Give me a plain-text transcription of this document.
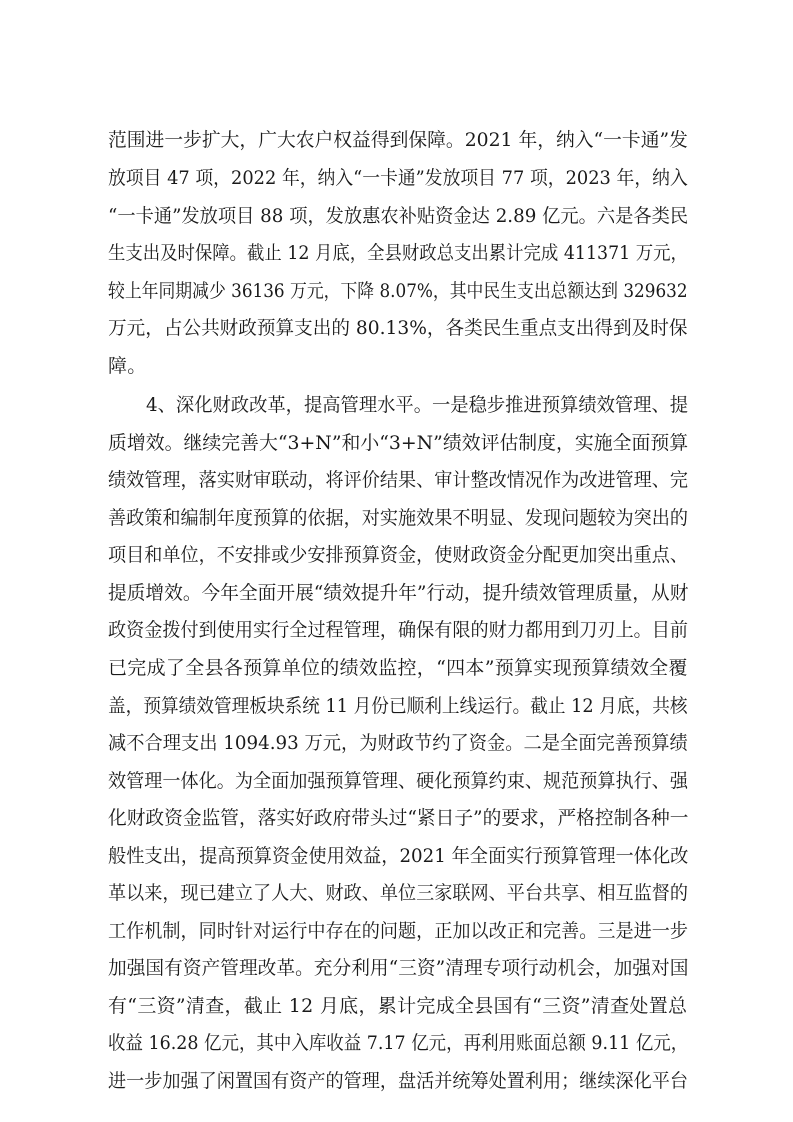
范围进一步扩大，广大农户权益得到保障。2021 年，纳入“一卡通”发
放项目 47 项，2022 年，纳入“一卡通”发放项目 77 项，2023 年，纳入
“一卡通”发放项目 88 项，发放惠农补贴资金达 2.89 亿元。六是各类民
生支出及时保障。截止 12 月底，全县财政总支出累计完成 411371 万元，
较上年同期减少 36136 万元，下降 8.07%，其中民生支出总额达到 329632
万元，占公共财政预算支出的 80.13%，各类民生重点支出得到及时保
障。
4、深化财政改革，提高管理水平。一是稳步推进预算绩效管理、提
质增效。继续完善大“3+N”和小“3+N”绩效评估制度，实施全面预算
绩效管理，落实财审联动，将评价结果、审计整改情况作为改进管理、完
善政策和编制年度预算的依据，对实施效果不明显、发现问题较为突出的
项目和单位，不安排或少安排预算资金，使财政资金分配更加突出重点、
提质增效。今年全面开展“绩效提升年”行动，提升绩效管理质量，从财
政资金拨付到使用实行全过程管理，确保有限的财力都用到刀刃上。目前
已完成了全县各预算单位的绩效监控，“四本”预算实现预算绩效全覆
盖，预算绩效管理板块系统 11 月份已顺利上线运行。截止 12 月底，共核
减不合理支出 1094.93 万元，为财政节约了资金。二是全面完善预算绩
效管理一体化。为全面加强预算管理、硬化预算约束、规范预算执行、强
化财政资金监管，落实好政府带头过“紧日子”的要求，严格控制各种一
般性支出，提高预算资金使用效益，2021 年全面实行预算管理一体化改
革以来，现已建立了人大、财政、单位三家联网、平台共享、相互监督的
工作机制，同时针对运行中存在的问题，正加以改正和完善。三是进一步
加强国有资产管理改革。充分利用“三资”清理专项行动机会，加强对国
有“三资”清查，截止 12 月底，累计完成全县国有“三资”清查处置总
收益 16.28 亿元，其中入库收益 7.17 亿元，再利用账面总额 9.11 亿元，
进一步加强了闲置国有资产的管理，盘活并统筹处置利用；继续深化平台
